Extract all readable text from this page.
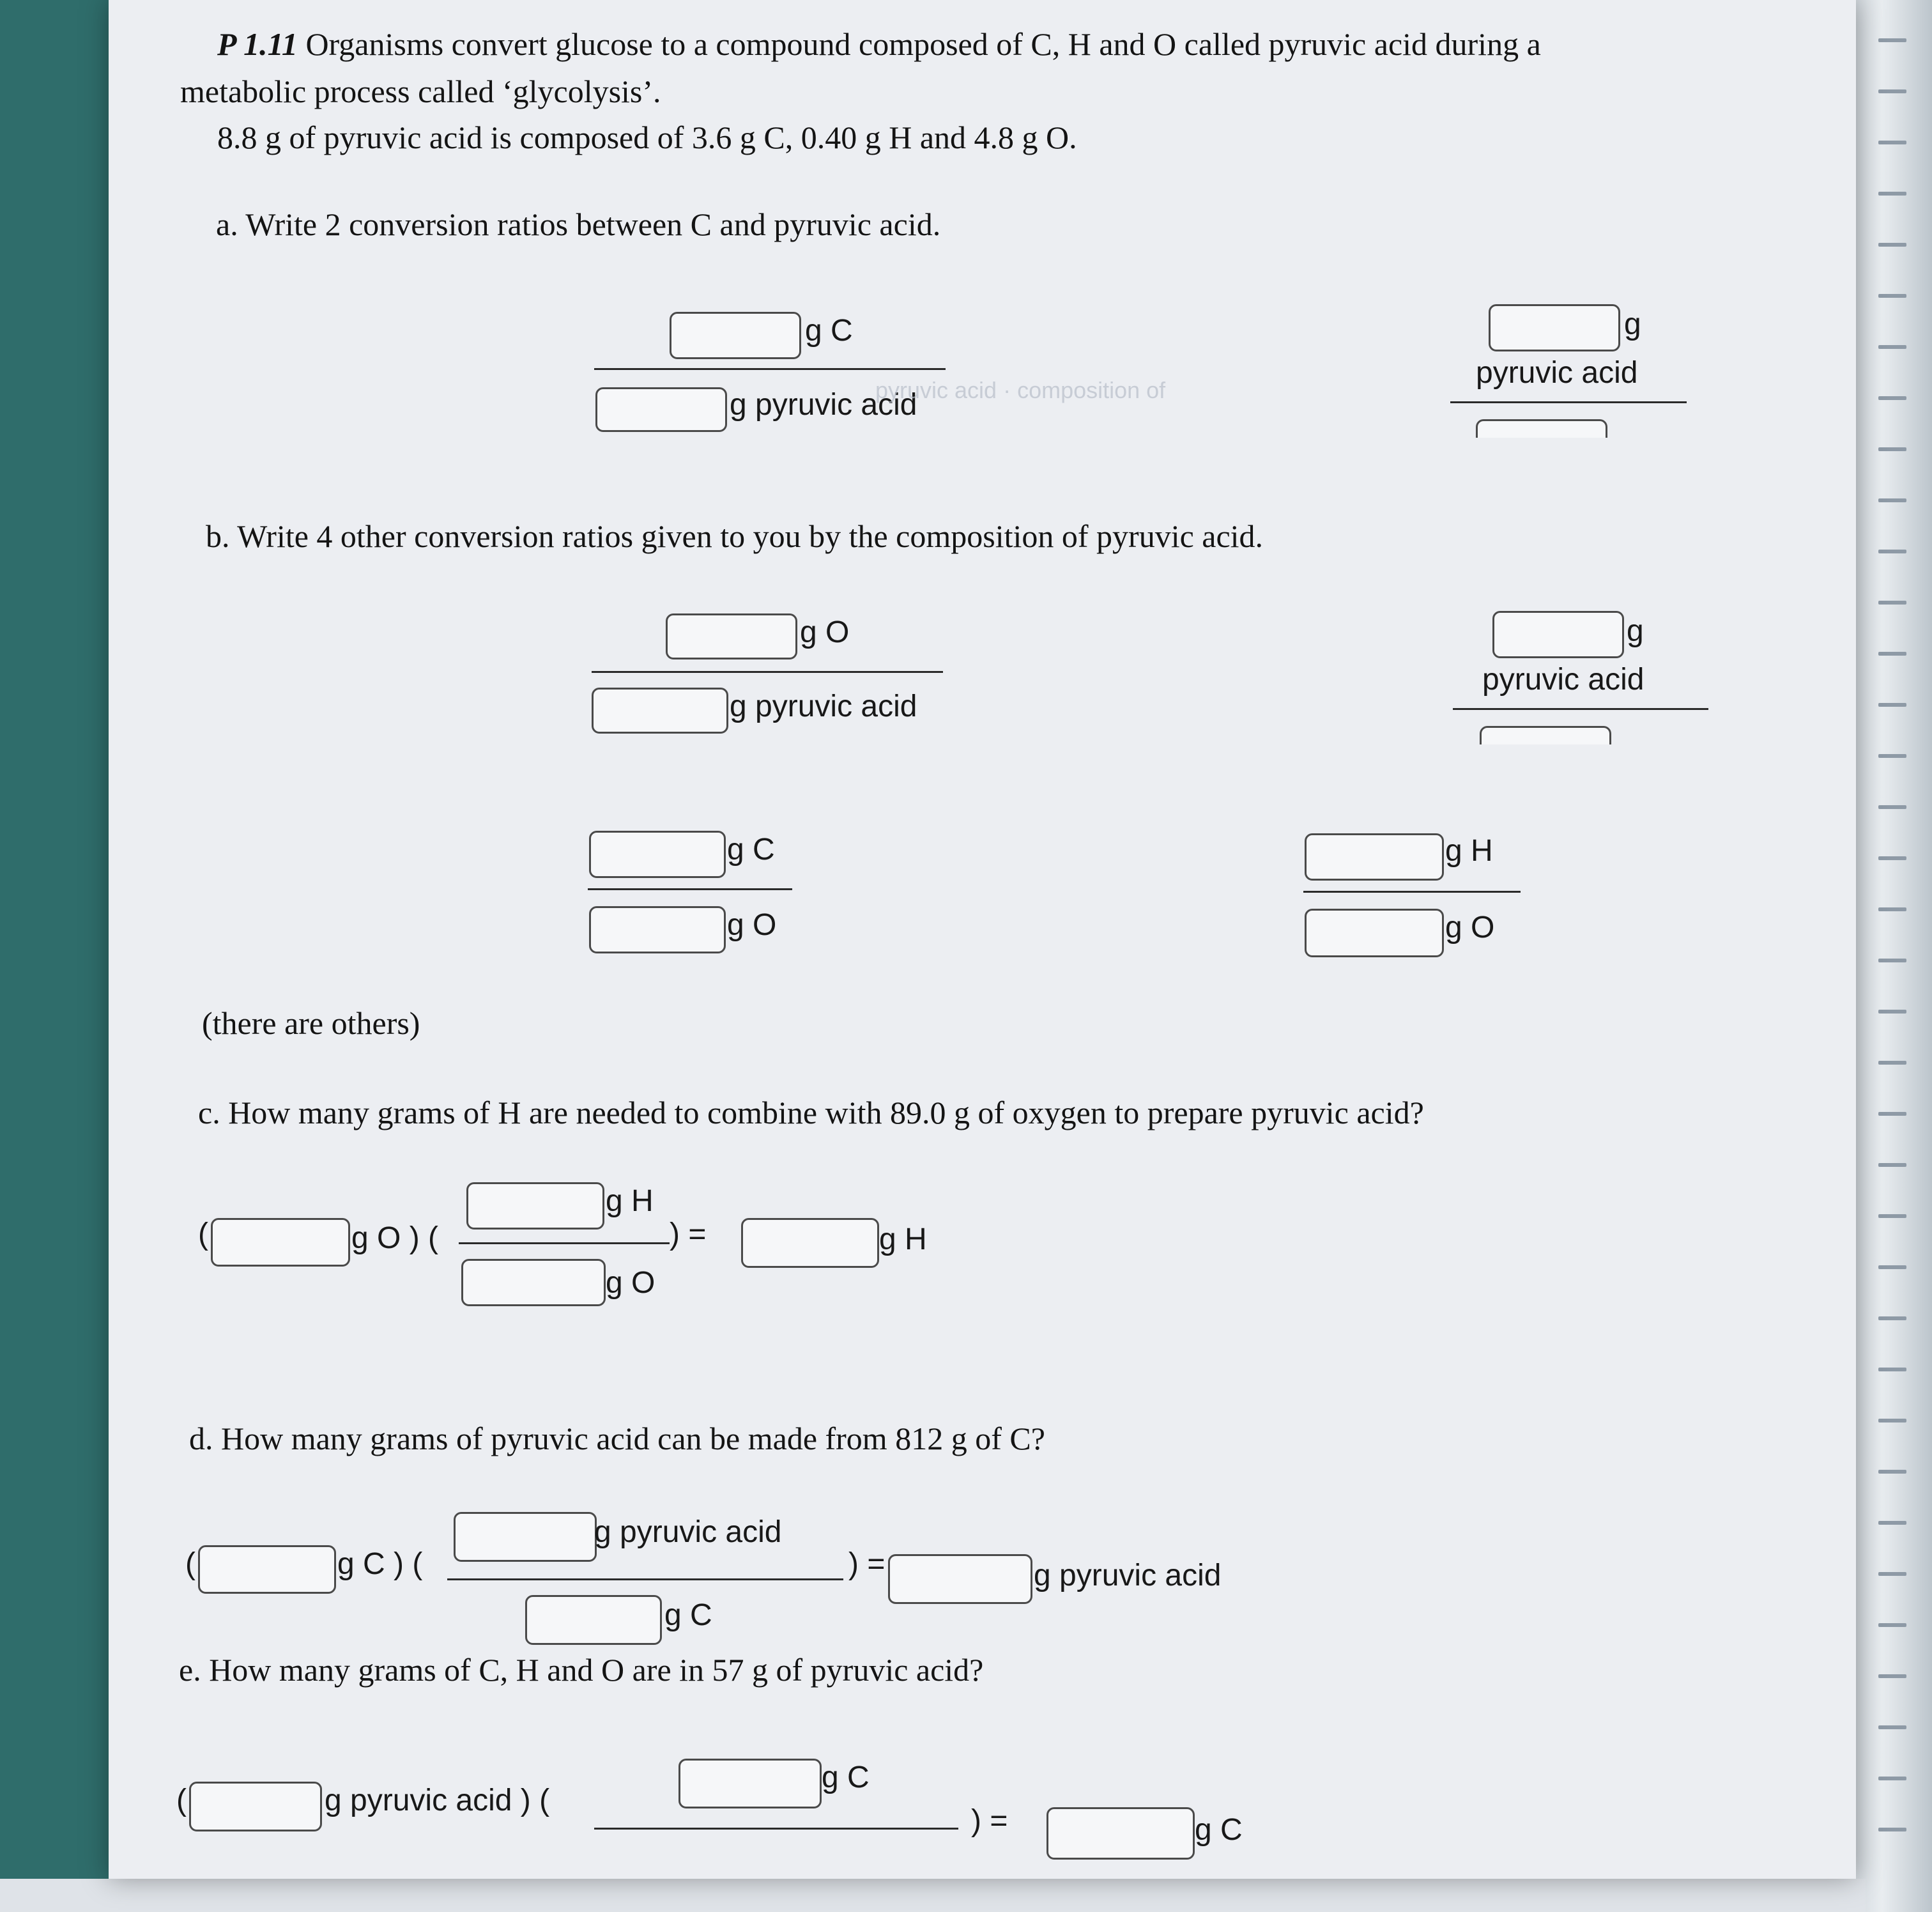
P 1.11 Organisms convert glucose to a compound composed of C, H and O called pyruvic acid during a
metabolic process called ‘glycolysis’.
8.8 g of pyruvic acid is composed of 3.6 g C, 0.40 g H and 4.8 g O.
a. Write 2 conversion ratios between C and pyruvic acid.
g C
g pyruvic acid
g
pyruvic acid
pyruvic acid · composition of
b. Write 4 other conversion ratios given to you by the composition of pyruvic acid.
g O
g pyruvic acid
g
pyruvic acid
g C
g O
g H
g O
(there are others)
c. How many grams of H are needed to combine with 89.0 g of oxygen to prepare pyruvic acid?
(	g O ) (
g H
g O
) =	g H
d. How many grams of pyruvic acid can be made from 812 g of C?
(	g C ) (
g pyruvic acid
g C
) =	g pyruvic acid
e. How many grams of C, H and O are in 57 g of pyruvic acid?
(	g pyruvic acid ) (
g C
) =	g C
